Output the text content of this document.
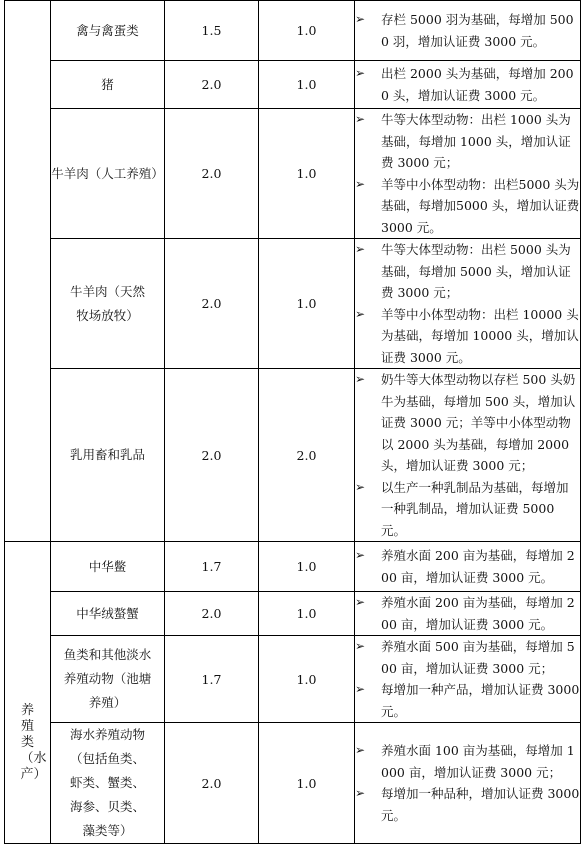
	禽与禽蛋类	1.5	1.0	➢ 存栏 5000 羽为基础，每增加 5000 羽，增加认证费 3000 元。

	猪	2.0	1.0	➢ 出栏 2000 头为基础，每增加 2000 头，增加认证费 3000 元。

	牛羊肉（人工养殖）	2.0	1.0	➢ 牛等大体型动物：出栏 1000 头为基础，每增加 1000 头，增加认证费 3000 元；
➢ 羊等中小体型动物：出栏5000 头为基础，每增加5000 头，增加认证费 3000 元。

	牛羊肉（天然牧场放牧）	2.0	1.0	➢ 牛等大体型动物：出栏 5000 头为基础，每增加 5000 头，增加认证费 3000 元；
➢ 羊等中小体型动物：出栏 10000 头为基础，每增加 10000 头，增加认证费 3000 元。

	乳用畜和乳品	2.0	2.0	➢ 奶牛等大体型动物以存栏 500 头奶牛为基础，每增加 500 头，增加认证费 3000 元；羊等中小体型动物以 2000 头为基础，每增加 2000 头，增加认证费 3000 元；
➢ 以生产一种乳制品为基础，每增加一种乳制品，增加认证费 5000 元。

养殖类（水产）	中华鳖	1.7	1.0	➢ 养殖水面 200 亩为基础，每增加 200 亩，增加认证费 3000 元。

	中华绒螯蟹	2.0	1.0	➢ 养殖水面 200 亩为基础，每增加 200 亩，增加认证费 3000 元。

	鱼类和其他淡水养殖动物（池塘养殖）	1.7	1.0	➢ 养殖水面 500 亩为基础，每增加 500 亩，增加认证费 3000 元；
➢ 每增加一种产品，增加认证费 3000 元。

	海水养殖动物（包括鱼类、虾类、蟹类、海参、贝类、藻类等）	2.0	1.0	➢ 养殖水面 100 亩为基础，每增加 1000 亩，增加认证费 3000 元；
➢ 每增加一种品种，增加认证费 3000 元。
